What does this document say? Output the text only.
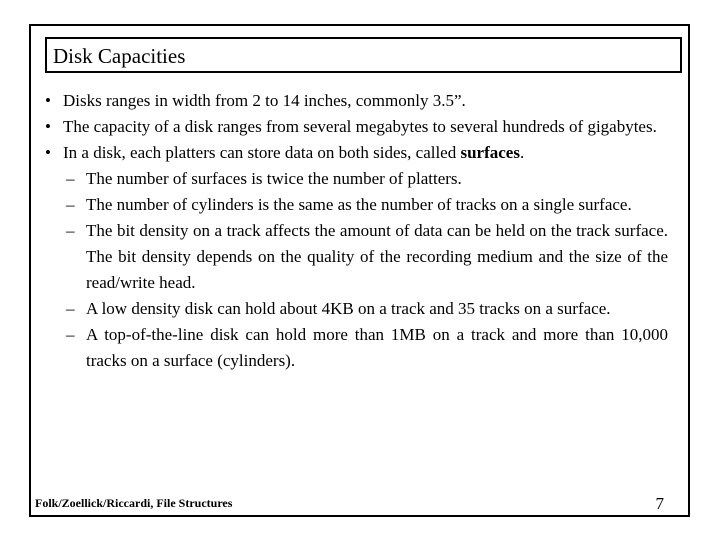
Disk Capacities
• Disks ranges in width from 2 to 14 inches, commonly 3.5”.
• The capacity of a disk ranges from several megabytes to several hundreds of gigabytes.
• In a disk, each platters can store data on both sides, called surfaces.
– The number of surfaces is twice the number of platters.
– The number of cylinders is the same as the number of tracks on a single surface.
– The bit density on a track affects the amount of data can be held on the track surface. The bit density depends on the quality of the recording medium and the size of the read/write head.
– A low density disk can hold about 4KB on a track and 35 tracks on a surface.
– A top-of-the-line disk can hold more than 1MB on a track and more than 10,000 tracks on a surface (cylinders).
Folk/Zoellick/Riccardi, File Structures	7
